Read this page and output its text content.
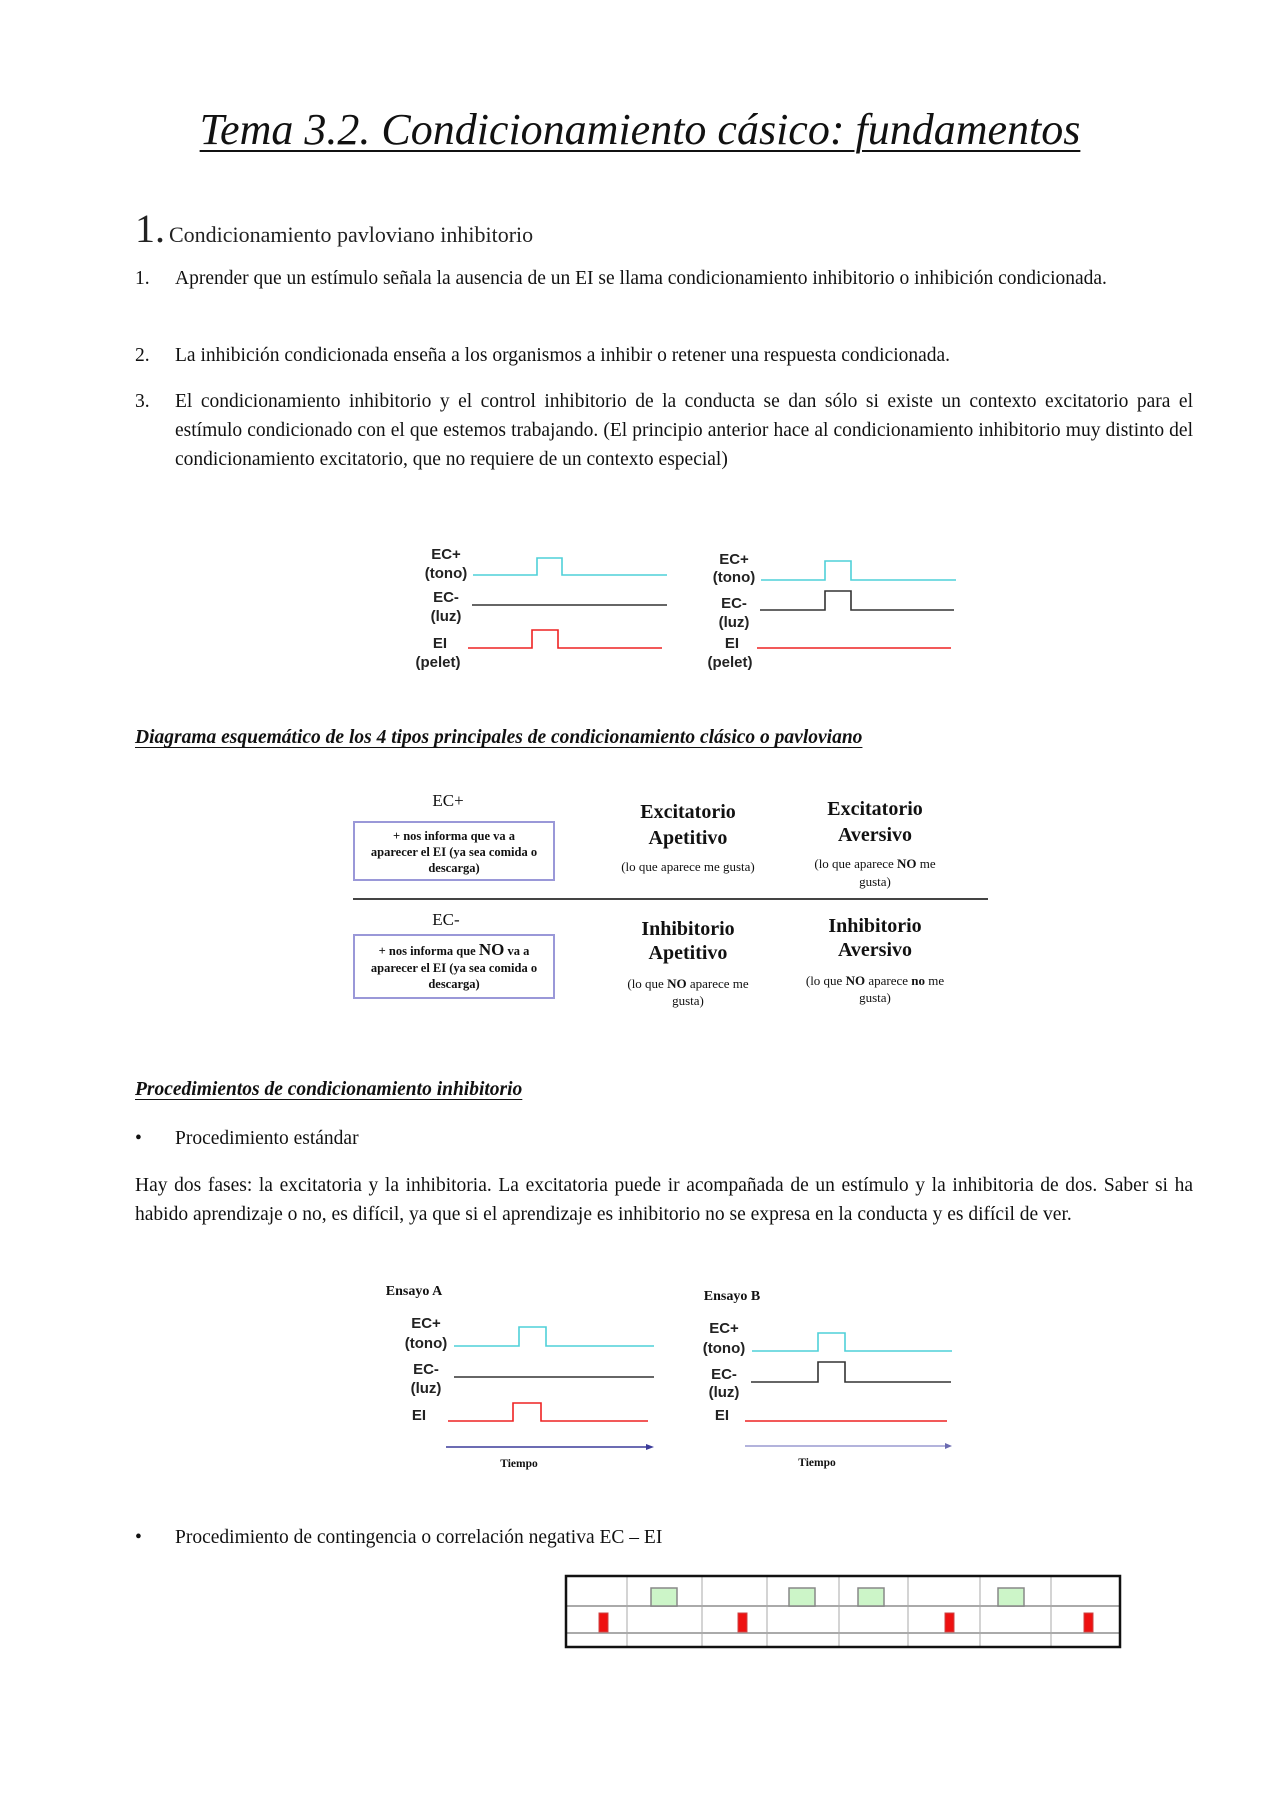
Tema 3.2. Condicionamiento cásico: fundamentos
1. Condicionamiento pavloviano inhibitorio
1. Aprender que un estímulo señala la ausencia de un EI se llama condicionamiento inhibitorio o inhibición condicionada.
2. La inhibición condicionada enseña a los organismos a inhibir o retener una respuesta condicionada.
3. El condicionamiento inhibitorio y el control inhibitorio de la conducta se dan sólo si existe un contexto excitatorio para el estímulo condicionado con el que estemos trabajando. (El principio anterior hace al condicionamiento inhibitorio muy distinto del condicionamiento excitatorio, que no requiere de un contexto especial)
EC+
(tono)
EC-
(luz)
EI
(pelet)
EC+
(tono)
EC-
(luz)
EI
(pelet)
Diagrama esquemático de los 4 tipos principales de condicionamiento clásico o pavloviano
EC+
+ nos informa que va a
aparecer el EI (ya sea comida o
descarga)
Excitatorio
Apetitivo
(lo que aparece me gusta)
Excitatorio
Aversivo
(lo que aparece NO me
gusta)
EC-
+ nos informa que NO va a
aparecer el EI (ya sea comida o
descarga)
Inhibitorio
Apetitivo
(lo que NO aparece me
gusta)
Inhibitorio
Aversivo
(lo que NO aparece no me
gusta)
Procedimientos de condicionamiento inhibitorio
• Procedimiento estándar
Hay dos fases: la excitatoria y la inhibitoria. La excitatoria puede ir acompañada de un estímulo y la inhibitoria de dos. Saber si ha habido aprendizaje o no, es difícil, ya que si el aprendizaje es inhibitorio no se expresa en la conducta y es difícil de ver.
Ensayo A
EC+
(tono)
EC-
(luz)
EI
Tiempo
Ensayo B
EC+
(tono)
EC-
(luz)
EI
Tiempo
• Procedimiento de contingencia o correlación negativa EC – EI
